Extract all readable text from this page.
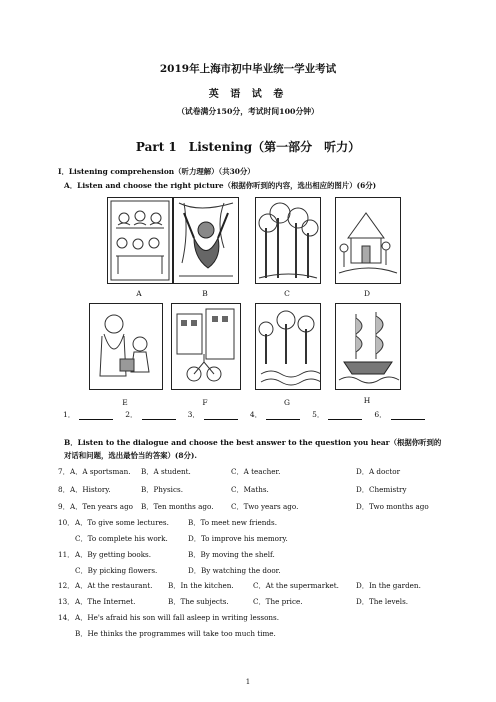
2019年上海市初中毕业统一学业考试
英 语 试 卷
（试卷满分150分，考试时间100分钟）
Part 1　Listening（第一部分　听力）
I．Listening comprehension（听力理解）（共30分）
A．Listen and choose the right picture（根据你听到的内容，选出相应的图片）(6分)
A	B	C	D
E	F	G	H
1．	2．	3．	4．	5．	6．
B．Listen to the dialogue and choose the best answer to the question you hear（根据你听到的对话和问题，选出最恰当的答案）(8分).
7． A．A sportsman. B．A student.	C．A teacher.	D．A doctor
8． A．History.	B．Physics.	C．Maths.	D．Chemistry
9． A．Ten years ago B．Ten months ago. C．Two years ago.	D．Two months ago
10． A．To give some lectures.	B．To meet new friends.
C．To complete his work.	D．To improve his memory.
11． A．By getting books.	B．By moving the shelf.
C．By picking flowers.	D．By watching the door.
12． A．At the restaurant. B．In the kitchen.	C．At the supermarket. D．In the garden.
13． A．The Internet.	B．The subjects.	C．The price.	D．The levels.
14． A．He's afraid his son will fall asleep in writing lessons.
B．He thinks the programmes will take too much time.
1
